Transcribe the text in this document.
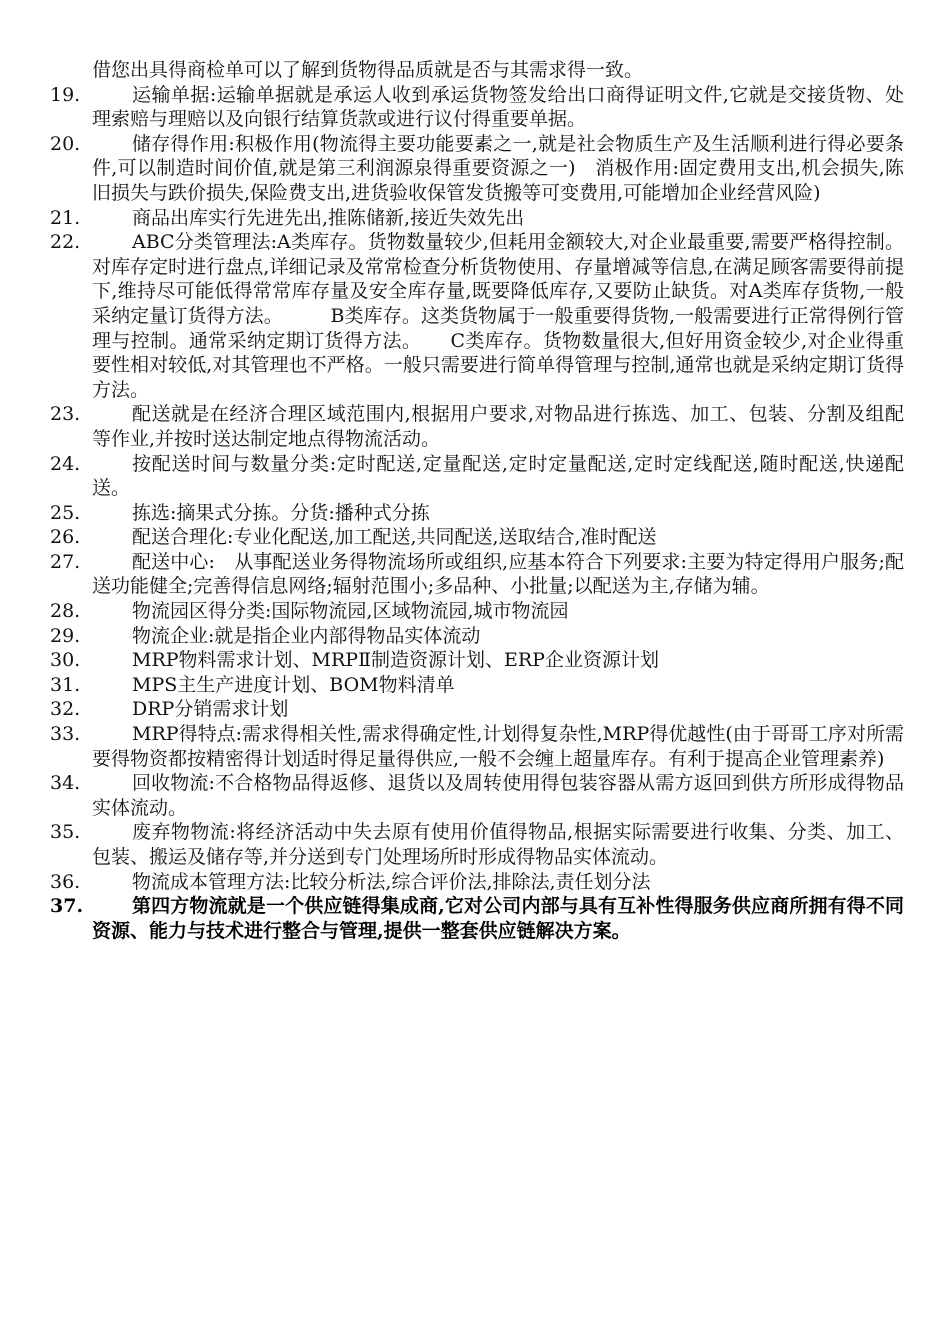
借您出具得商检单可以了解到货物得品质就是否与其需求得一致。
19.	运输单据:运输单据就是承运人收到承运货物签发给出口商得证明文件,它就是交接货物、处理索赔与理赔以及向银行结算货款或进行议付得重要单据。
20.	储存得作用:积极作用(物流得主要功能要素之一,就是社会物质生产及生活顺利进行得必要条件,可以制造时间价值,就是第三利润源泉得重要资源之一)　消极作用:固定费用支出,机会损失,陈旧损失与跌价损失,保险费支出,进货验收保管发货搬等可变费用,可能增加企业经营风险)
21.	商品出库实行先进先出,推陈储新,接近失效先出
22.	ABC分类管理法:A类库存。货物数量较少,但耗用金额较大,对企业最重要,需要严格得控制。对库存定时进行盘点,详细记录及常常检查分析货物使用、存量增减等信息,在满足顾客需要得前提下,维持尽可能低得常常库存量及安全库存量,既要降低库存,又要防止缺货。对A类库存货物,一般采纳定量订货得方法。　　　B类库存。这类货物属于一般重要得货物,一般需要进行正常得例行管理与控制。通常采纳定期订货得方法。　　C类库存。货物数量很大,但好用资金较少,对企业得重要性相对较低,对其管理也不严格。一般只需要进行简单得管理与控制,通常也就是采纳定期订货得方法。
23.	配送就是在经济合理区域范围内,根据用户要求,对物品进行拣选、加工、包装、分割及组配等作业,并按时送达制定地点得物流活动。
24.	按配送时间与数量分类:定时配送,定量配送,定时定量配送,定时定线配送,随时配送,快递配送。
25.	拣选:摘果式分拣。分货:播种式分拣
26.	配送合理化:专业化配送,加工配送,共同配送,送取结合,准时配送
27.	配送中心:　从事配送业务得物流场所或组织,应基本符合下列要求:主要为特定得用户服务;配送功能健全;完善得信息网络;辐射范围小;多品种、小批量;以配送为主,存储为辅。
28.	物流园区得分类:国际物流园,区域物流园,城市物流园
29.	物流企业:就是指企业内部得物品实体流动
30.	MRP物料需求计划、MRPⅡ制造资源计划、ERP企业资源计划
31.	MPS主生产进度计划、BOM物料清单
32.	DRP分销需求计划
33.	MRP得特点:需求得相关性,需求得确定性,计划得复杂性,MRP得优越性(由于哥哥工序对所需要得物资都按精密得计划适时得足量得供应,一般不会缠上超量库存。有利于提高企业管理素养)
34.	回收物流:不合格物品得返修、退货以及周转使用得包装容器从需方返回到供方所形成得物品实体流动。
35.	废弃物物流:将经济活动中失去原有使用价值得物品,根据实际需要进行收集、分类、加工、包装、搬运及储存等,并分送到专门处理场所时形成得物品实体流动。
36.	物流成本管理方法:比较分析法,综合评价法,排除法,责任划分法
37.	第四方物流就是一个供应链得集成商,它对公司内部与具有互补性得服务供应商所拥有得不同资源、能力与技术进行整合与管理,提供一整套供应链解决方案。
